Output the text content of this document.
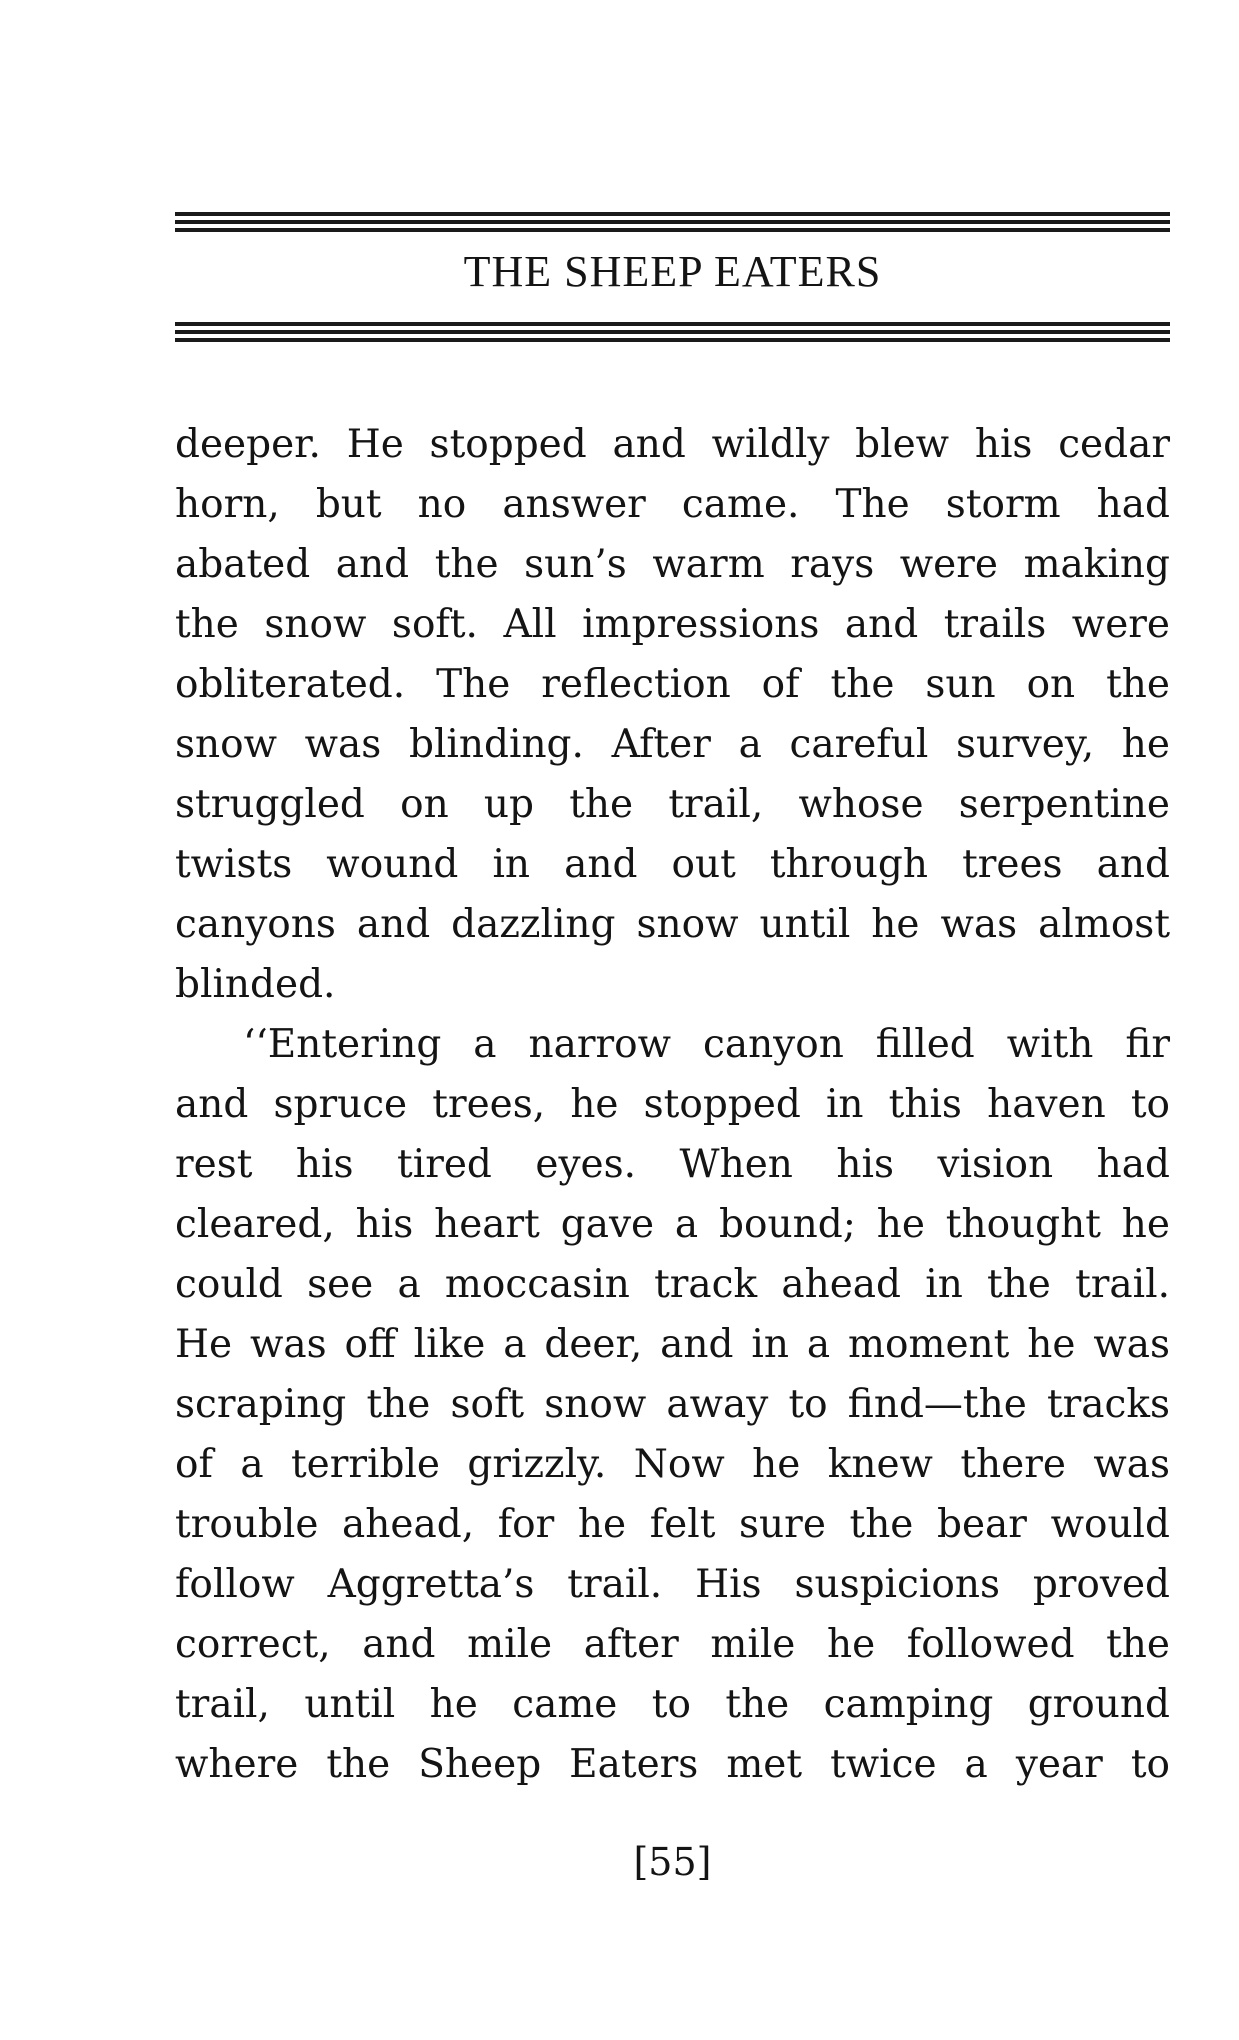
THE SHEEP EATERS
deeper. He stopped and wildly blew his cedar
horn, but no answer came. The storm had
abated and the sun’s warm rays were making
the snow soft. All impressions and trails were
obliterated. The reflection of the sun on the
snow was blinding. After a careful survey, he
struggled on up the trail, whose serpentine
twists wound in and out through trees and
canyons and dazzling snow until he was almost
blinded.
‘‘Entering a narrow canyon filled with fir
and spruce trees, he stopped in this haven to
rest his tired eyes. When his vision had
cleared, his heart gave a bound; he thought he
could see a moccasin track ahead in the trail.
He was off like a deer, and in a moment he was
scraping the soft snow away to find—the tracks
of a terrible grizzly. Now he knew there was
trouble ahead, for he felt sure the bear would
follow Aggretta’s trail. His suspicions proved
correct, and mile after mile he followed the
trail, until he came to the camping ground
where the Sheep Eaters met twice a year to
[55]
